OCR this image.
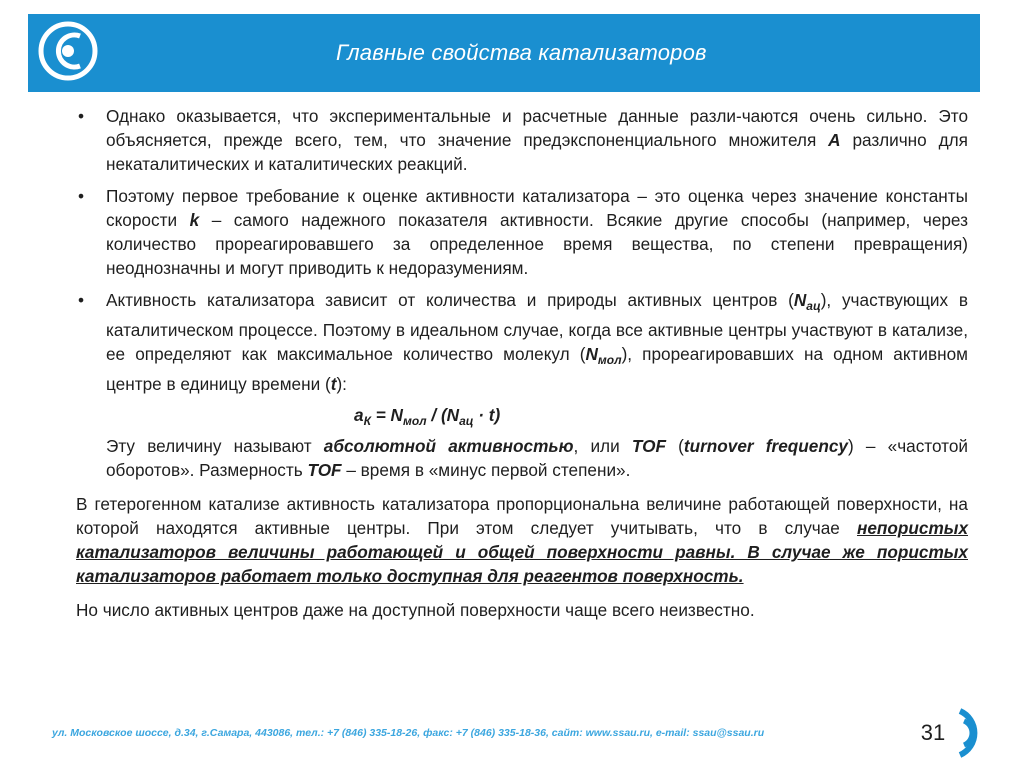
Главные свойства катализаторов
• Однако оказывается, что экспериментальные и расчетные данные разли-чаются очень сильно. Это объясняется, прежде всего, тем, что значение предэкспоненциального множителя A различно для некаталитических и каталитических реакций.
• Поэтому первое требование к оценке активности катализатора – это оценка через значение константы скорости k – самого надежного показателя активности. Всякие другие способы (например, через количество прореагировавшего за определенное время вещества, по степени превращения) неоднозначны и могут приводить к недоразумениям.
• Активность катализатора зависит от количества и природы активных центров $(N_{ац})$, участвующих в каталитическом процессе. Поэтому в идеальном случае, когда все активные центры участвуют в катализе, ее определяют как максимальное количество молекул $(N_{мол})$, прореагировавших на одном активном центре в единицу времени (t):
$a_К = N_{мол} / (N_{ац} \cdot t)$
Эту величину называют абсолютной активностью, или TOF (turnover frequency) – «частотой оборотов». Размерность TOF – время в «минус первой степени».
В гетерогенном катализе активность катализатора пропорциональна величине работающей поверхности, на которой находятся активные центры. При этом следует учитывать, что в случае непористых катализаторов величины работающей и общей поверхности равны. В случае же пористых катализаторов работает только доступная для реагентов поверхность.
Но число активных центров даже на доступной поверхности чаще всего неизвестно.
ул. Московское шоссе, д.34, г.Самара, 443086, тел.: +7 (846) 335-18-26, факс: +7 (846) 335-18-36, сайт: www.ssau.ru, e-mail: ssau@ssau.ru	31
